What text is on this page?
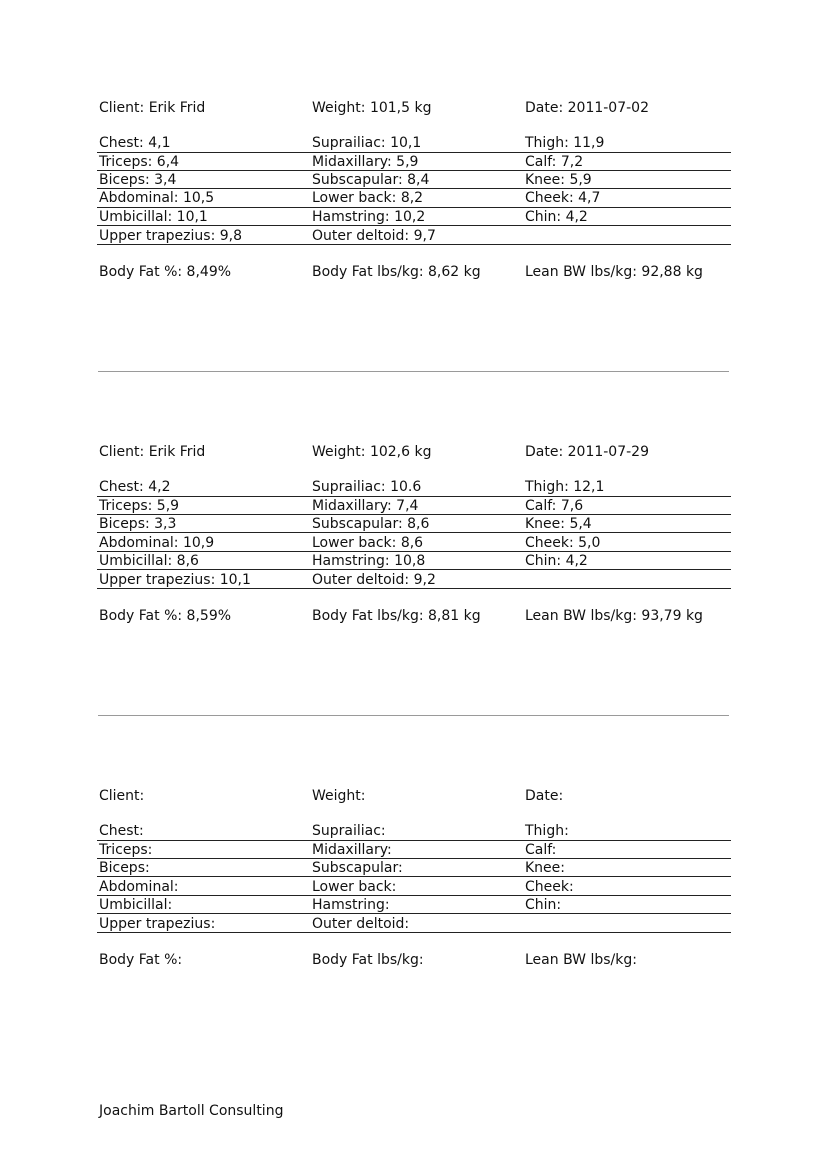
Client: Erik Frid	Weight: 101,5 kg	Date: 2011-07-02
Chest: 4,1	Suprailiac: 10,1	Thigh: 11,9
Triceps: 6,4	Midaxillary: 5,9	Calf: 7,2
Biceps: 3,4	Subscapular: 8,4	Knee: 5,9
Abdominal: 10,5	Lower back: 8,2	Cheek: 4,7
Umbicillal: 10,1	Hamstring: 10,2	Chin: 4,2
Upper trapezius: 9,8	Outer deltoid: 9,7
Body Fat %: 8,49%	Body Fat lbs/kg: 8,62 kg	Lean BW lbs/kg: 92,88 kg
Client: Erik Frid	Weight: 102,6 kg	Date: 2011-07-29
Chest: 4,2	Suprailiac: 10.6	Thigh: 12,1
Triceps: 5,9	Midaxillary: 7,4	Calf: 7,6
Biceps: 3,3	Subscapular: 8,6	Knee: 5,4
Abdominal: 10,9	Lower back: 8,6	Cheek: 5,0
Umbicillal: 8,6	Hamstring: 10,8	Chin: 4,2
Upper trapezius: 10,1	Outer deltoid: 9,2
Body Fat %: 8,59%	Body Fat lbs/kg: 8,81 kg	Lean BW lbs/kg: 93,79 kg
Client:	Weight:	Date:
Chest:	Suprailiac:	Thigh:
Triceps:	Midaxillary:	Calf:
Biceps:	Subscapular:	Knee:
Abdominal:	Lower back:	Cheek:
Umbicillal:	Hamstring:	Chin:
Upper trapezius:	Outer deltoid:
Body Fat %:	Body Fat lbs/kg:	Lean BW lbs/kg:
Joachim Bartoll Consulting
